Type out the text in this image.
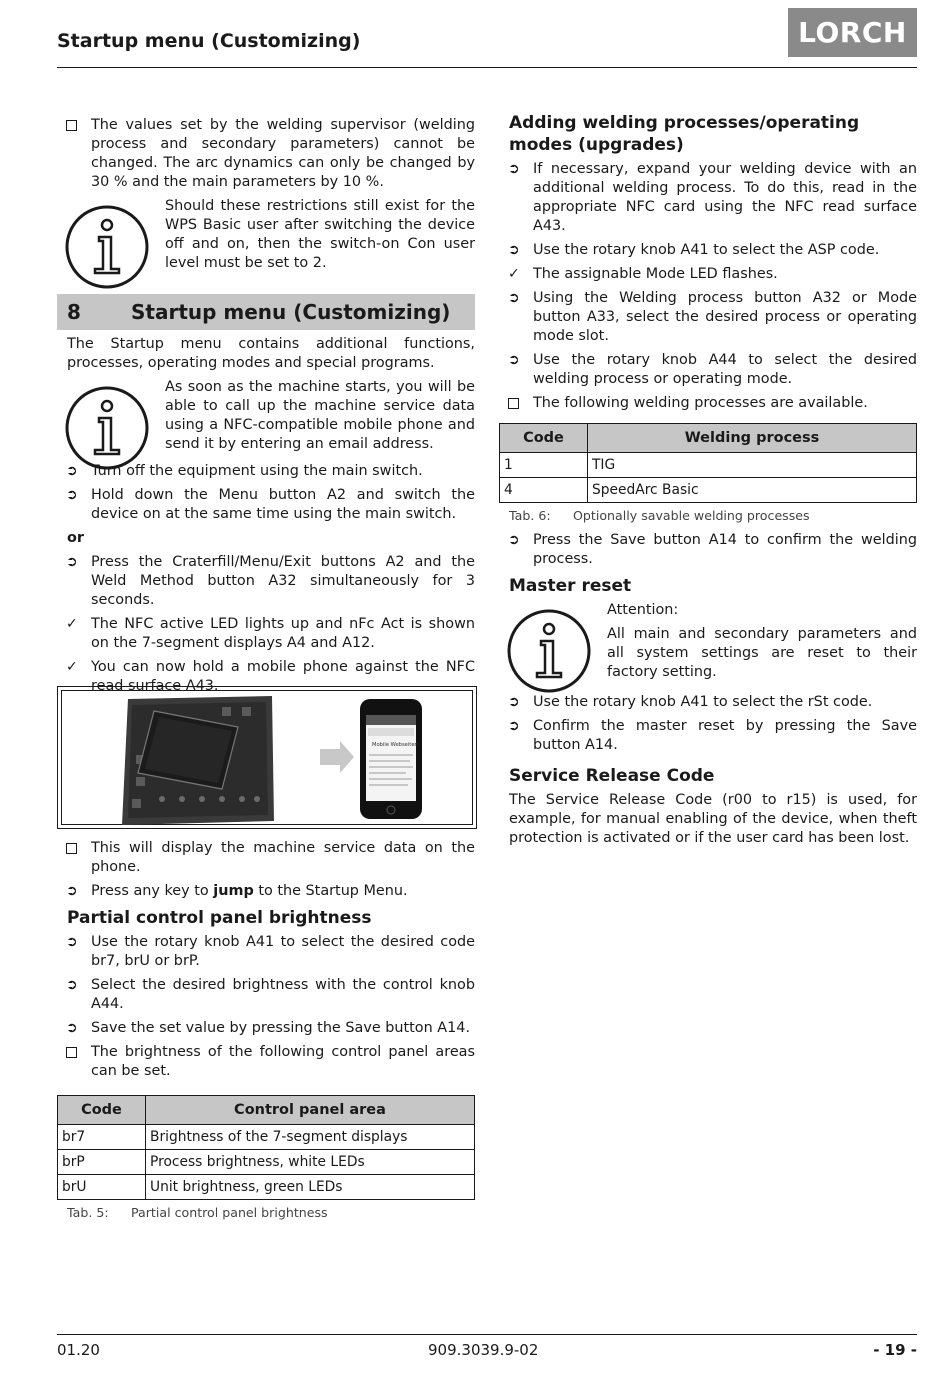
Startup menu (Customizing)	LORCH
The values set by the welding supervisor (welding process and secondary parameters) cannot be changed. The arc dynamics can only be changed by 30 % and the main parameters by 10 %.
Should these restrictions still exist for the WPS Basic user after switching the device off and on, then the switch-on Con user level must be set to 2.
8	Startup menu (Customizing)
The Startup menu contains additional functions, processes, operating modes and special programs.
As soon as the machine starts, you will be able to call up the machine service data using a NFC-compatible mobile phone and send it by entering an email address.
➲ Turn off the equipment using the main switch.
➲ Hold down the Menu button A2 and switch the device on at the same time using the main switch.
or
➲ Press the Craterfill/Menu/Exit buttons A2 and the Weld Method button A32 simultaneously for 3 seconds.
✓ The NFC active LED lights up and nFc Act is shown on the 7-segment displays A4 and A12.
✓ You can now hold a mobile phone against the NFC read surface A43.
Mobile Webseiten
This will display the machine service data on the phone.
➲ Press any key to jump to the Startup Menu.
Partial control panel brightness
➲ Use the rotary knob A41 to select the desired code br7, brU or brP.
➲ Select the desired brightness with the control knob A44.
➲ Save the set value by pressing the Save button A14.
The brightness of the following control panel areas can be set.
Code	Control panel area
br7	Brightness of the 7-segment displays
brP	Process brightness, white LEDs
brU	Unit brightness, green LEDs
Tab. 5: Partial control panel brightness
Adding welding processes/operating modes (upgrades)
➲ If necessary, expand your welding device with an additional welding process. To do this, read in the appropriate NFC card using the NFC read surface A43.
➲ Use the rotary knob A41 to select the ASP code.
✓ The assignable Mode LED flashes.
➲ Using the Welding process button A32 or Mode button A33, select the desired process or operating mode slot.
➲ Use the rotary knob A44 to select the desired welding process or operating mode.
The following welding processes are available.
Code	Welding process
1	TIG
4	SpeedArc Basic
Tab. 6: Optionally savable welding processes
➲ Press the Save button A14 to confirm the welding process.
Master reset
Attention:
All main and secondary parameters and all system settings are reset to their factory setting.
➲ Use the rotary knob A41 to select the rSt code.
➲ Confirm the master reset by pressing the Save button A14.
Service Release Code
The Service Release Code (r00 to r15) is used, for example, for manual enabling of the device, when theft protection is activated or if the user card has been lost.
01.20	909.3039.9-02	- 19 -
